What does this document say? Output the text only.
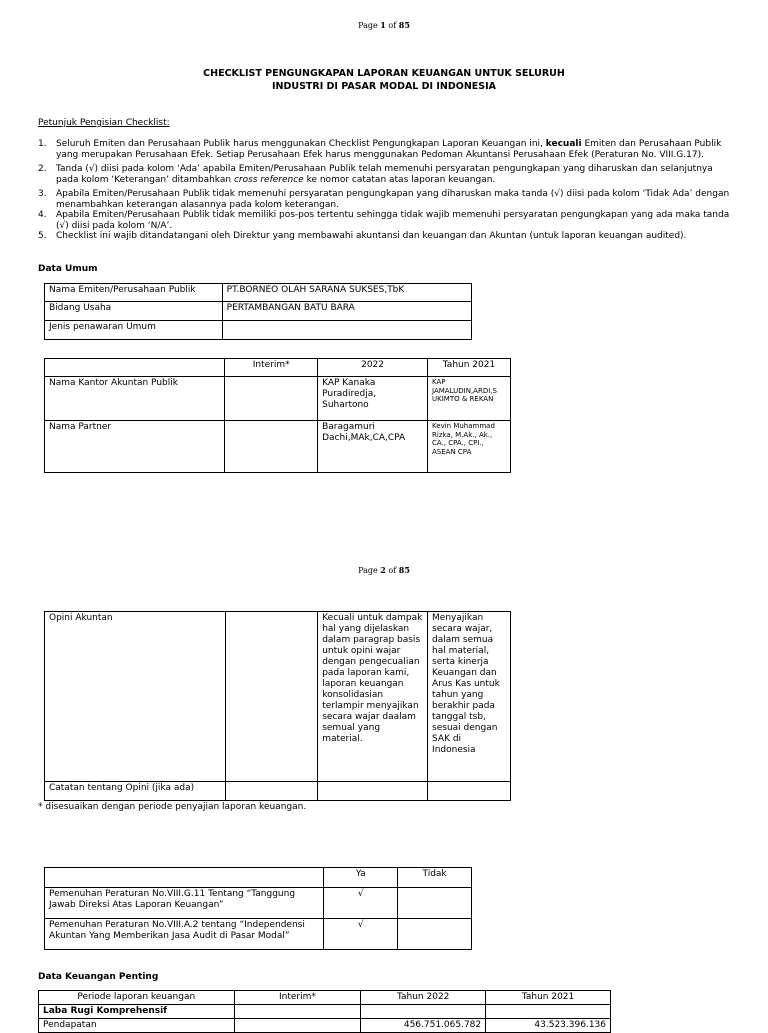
Page 1 of 85
CHECKLIST PENGUNGKAPAN LAPORAN KEUANGAN UNTUK SELURUH
INDUSTRI DI PASAR MODAL DI INDONESIA
Petunjuk Pengisian Checklist:
1. Seluruh Emiten dan Perusahaan Publik harus menggunakan Checklist Pengungkapan Laporan Keuangan ini, kecuali Emiten dan Perusahaan Publik yang merupakan Perusahaan Efek. Setiap Perusahaan Efek harus menggunakan Pedoman Akuntansi Perusahaan Efek (Peraturan No. VIII.G.17).
2. Tanda (√) diisi pada kolom ‘Ada’ apabila Emiten/Perusahaan Publik telah memenuhi persyaratan pengungkapan yang diharuskan dan selanjutnya pada kolom ‘Keterangan’ ditambahkan cross reference ke nomor catatan atas laporan keuangan.
3. Apabila Emiten/Perusahaan Publik tidak memenuhi persyaratan pengungkapan yang diharuskan maka tanda (√) diisi pada kolom ‘Tidak Ada’ dengan menambahkan keterangan alasannya pada kolom keterangan.
4. Apabila Emiten/Perusahaan Publik tidak memiliki pos-pos tertentu sehingga tidak wajib memenuhi persyaratan pengungkapan yang ada maka tanda (√) diisi pada kolom ‘N/A’.
5. Checklist ini wajib ditandatangani oleh Direktur yang membawahi akuntansi dan keuangan dan Akuntan (untuk laporan keuangan audited).
Data Umum
Nama Emiten/Perusahaan Publik	PT.BORNEO OLAH SARANA SUKSES,TbK
Bidang Usaha	PERTAMBANGAN BATU BARA
Jenis penawaran Umum	
	Interim*	2022	Tahun 2021
Nama Kantor Akuntan Publik		KAP Kanaka Puradiredja, Suhartono	KAP JAMALUDIN,ARDI,S UKIMTO & REKAN
Nama Partner		Baragamuri Dachi,MAk,CA,CPA	Kevin Muhammad Rizka, M.Ak., Ak., CA., CPA., CPI., ASEAN CPA
Page 2 of 85
Opini Akuntan		Kecuali untuk dampak hal yang dijelaskan dalam paragrap basis untuk opini wajar dengan pengecualian pada laporan kami, laporan keuangan konsolidasian terlampir menyajikan secara wajar daalam semual yang material.	Menyajikan secara wajar, dalam semua hal material, serta kinerja Keuangan dan Arus Kas untuk tahun yang berakhir pada tanggal tsb, sesuai dengan SAK di Indonesia
Catatan tentang Opini (jika ada)			
* disesuaikan dengan periode penyajian laporan keuangan.
	Ya	Tidak
Pemenuhan Peraturan No.VIII.G.11 Tentang “Tanggung Jawab Direksi Atas Laporan Keuangan”	√	
Pemenuhan Peraturan No.VIII.A.2 tentang “Independensi Akuntan Yang Memberikan Jasa Audit di Pasar Modal”	√	
Data Keuangan Penting
Periode laporan keuangan	Interim*	Tahun 2022	Tahun 2021
Laba Rugi Komprehensif			
Pendapatan		456.751.065.782	43.523.396.136
